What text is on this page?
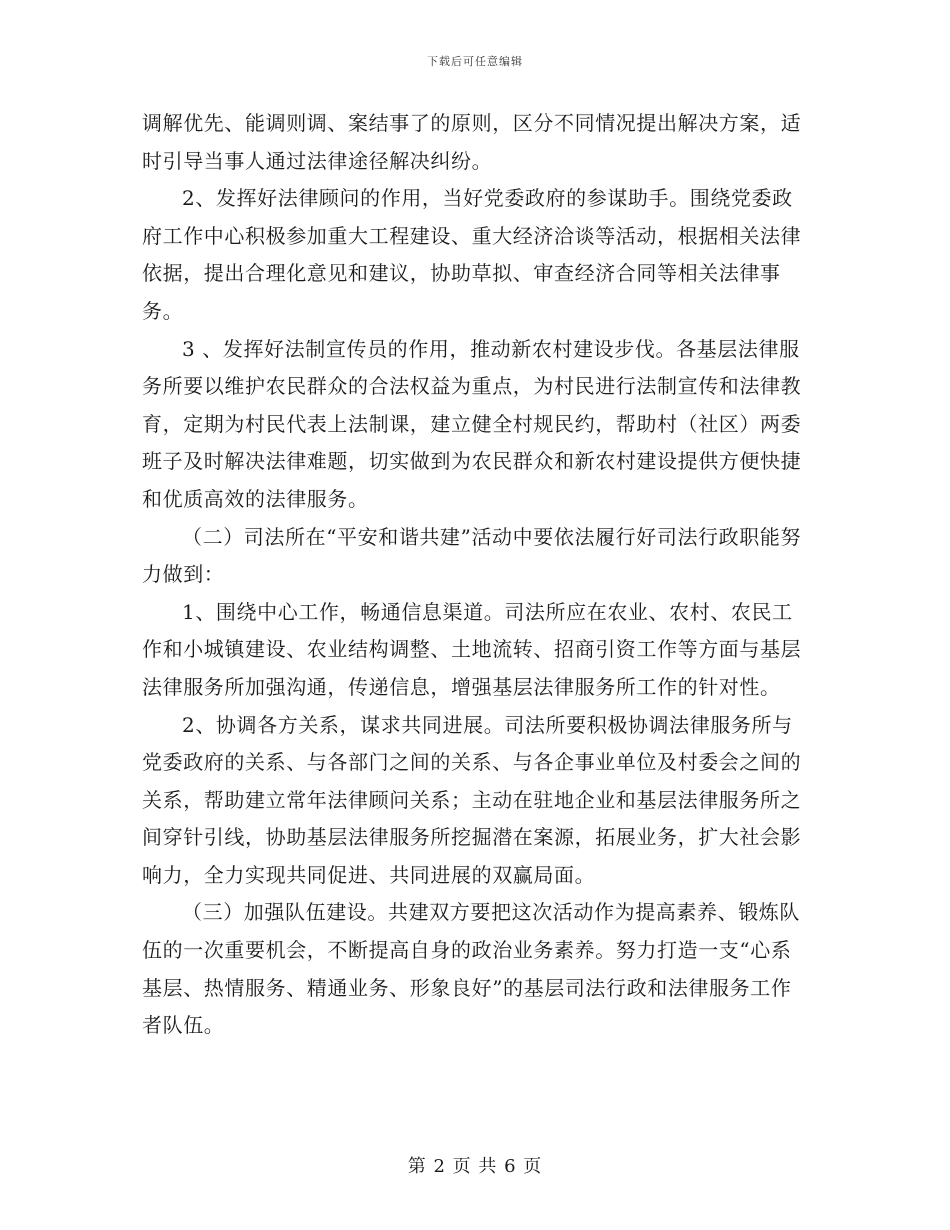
下载后可任意编辑

调解优先、能调则调、案结事了的原则，区分不同情况提出解决方案，适时引导当事人通过法律途径解决纠纷。

2、发挥好法律顾问的作用，当好党委政府的参谋助手。围绕党委政府工作中心积极参加重大工程建设、重大经济洽谈等活动，根据相关法律依据，提出合理化意见和建议，协助草拟、审查经济合同等相关法律事务。

3 、发挥好法制宣传员的作用，推动新农村建设步伐。各基层法律服务所要以维护农民群众的合法权益为重点，为村民进行法制宣传和法律教育，定期为村民代表上法制课，建立健全村规民约，帮助村（社区）两委班子及时解决法律难题，切实做到为农民群众和新农村建设提供方便快捷和优质高效的法律服务。

（二）司法所在“平安和谐共建”活动中要依法履行好司法行政职能努力做到：

1、围绕中心工作，畅通信息渠道。司法所应在农业、农村、农民工作和小城镇建设、农业结构调整、土地流转、招商引资工作等方面与基层法律服务所加强沟通，传递信息，增强基层法律服务所工作的针对性。

2、协调各方关系，谋求共同进展。司法所要积极协调法律服务所与党委政府的关系、与各部门之间的关系、与各企事业单位及村委会之间的关系，帮助建立常年法律顾问关系；主动在驻地企业和基层法律服务所之间穿针引线，协助基层法律服务所挖掘潜在案源，拓展业务，扩大社会影响力，全力实现共同促进、共同进展的双赢局面。

（三）加强队伍建设。共建双方要把这次活动作为提高素养、锻炼队伍的一次重要机会，不断提高自身的政治业务素养。努力打造一支“心系基层、热情服务、精通业务、形象良好”的基层司法行政和法律服务工作者队伍。

第 2 页 共 6 页
